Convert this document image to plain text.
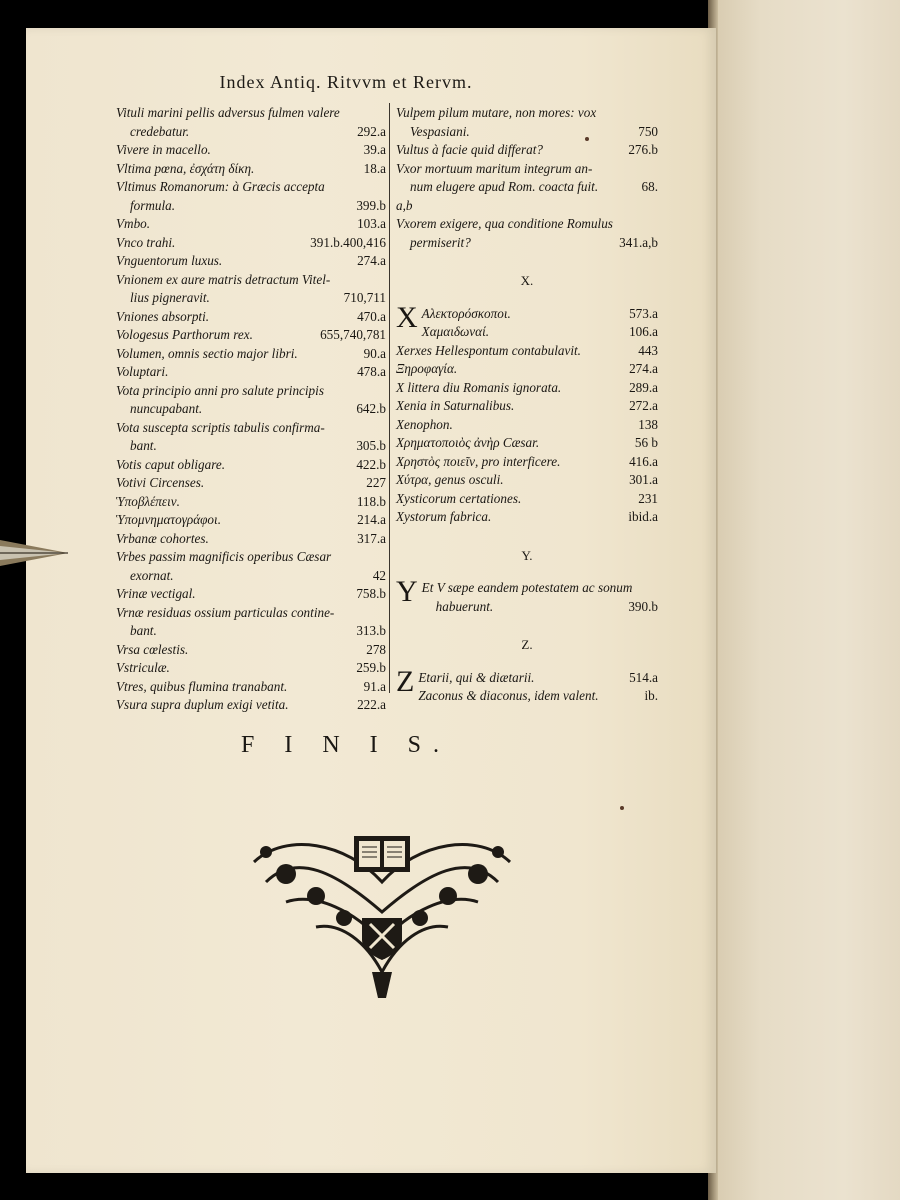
Index Antiq. Ritvvm et Rervm.
Vituli marini pellis adversus fulmen valere
credebatur.	292.a
Vivere in macello.	39.a
Vltima pœna, ἐσχάτη δίκη.	18.a
Vltimus Romanorum: à Græcis accepta
formula.	399.b
Vmbo.	103.a
Vnco trahi.	391.b.400,416
Vnguentorum luxus.	274.a
Vnionem ex aure matris detractum Vitel-
lius pigneravit.	710,711
Vniones absorpti.	470.a
Vologesus Parthorum rex.	655,740,781
Volumen, omnis sectio major libri.	90.a
Voluptari.	478.a
Vota principio anni pro salute principis
nuncupabant.	642.b
Vota suscepta scriptis tabulis confirma-
bant.	305.b
Votis caput obligare.	422.b
Votivi Circenses.	227
Ὑποβλέπειν.	118.b
Ὑπομνηματογράφοι.	214.a
Vrbanæ cohortes.	317.a
Vrbes passim magnificis operibus Cæsar
exornat.	42
Vrinæ vectigal.	758.b
Vrnæ residuas ossium particulas contine-
bant.	313.b
Vrsa cœlestis.	278
Vstriculæ.	259.b
Vtres, quibus flumina tranabant.	91.a
Vsura supra duplum exigi vetita.	222.a
Vulpem pilum mutare, non mores: vox
Vespasiani.	750
Vultus à facie quid differat?	276.b
Vxor mortuum maritum integrum an-
num elugere apud Rom. coacta fuit.	68.
a,b
Vxorem exigere, qua conditione Romulus
permiserit?	341.a,b
X.
X Αλεκτορόσκοποι.	573.a
Χαμαιδωναί.	106.a
Xerxes Hellespontum contabulavit.	443
Ξηροφαγία.	274.a
X littera diu Romanis ignorata.	289.a
Xenia in Saturnalibus.	272.a
Xenophon.	138
Χρηματοποιὸς ἀνὴρ Cæsar.	56 b
Χρηστὸς ποιεῖν, pro interficere.	416.a
Χύτρα, genus osculi.	301.a
Xysticorum certationes.	231
Xystorum fabrica.	ibid.a
Y.
Y Et V sæpe eandem potestatem ac sonum
habuerunt.	390.b
Z.
Z Etarii, qui & diætarii.	514.a
Zaconus & diaconus, idem valent.	ib.
F I N I S.
